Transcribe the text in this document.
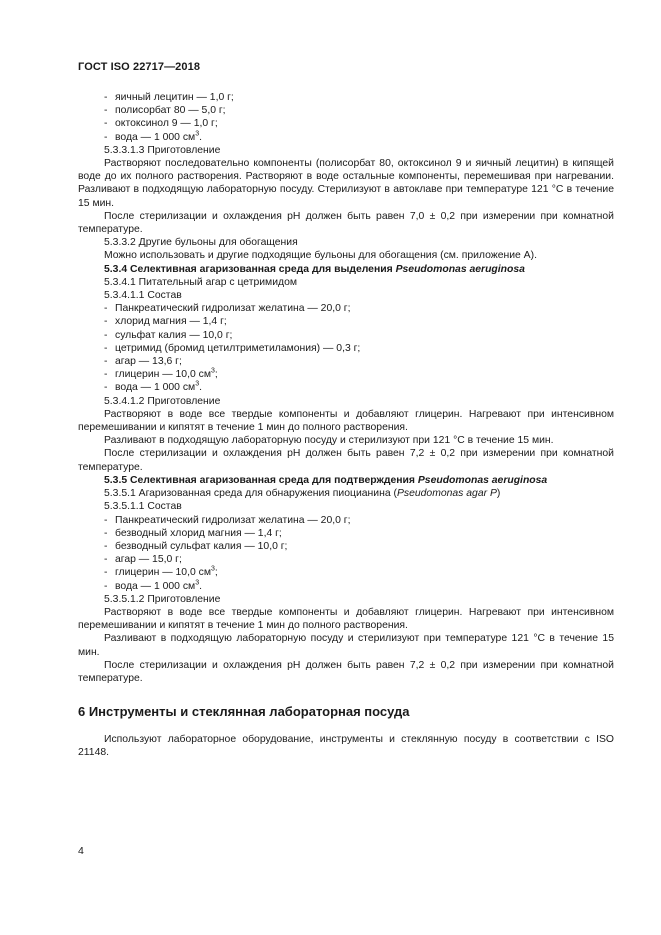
ГОСТ ISO 22717—2018
- яичный лецитин — 1,0 г;
- полисорбат 80 — 5,0 г;
- октоксинол 9 — 1,0 г;
- вода — 1 000 $см^3$.
5.3.3.1.3 Приготовление
Растворяют последовательно компоненты (полисорбат 80, октоксинол 9 и яичный лецитин) в кипящей воде до их полного растворения. Растворяют в воде остальные компоненты, перемешивая при нагревании. Разливают в подходящую лабораторную посуду. Стерилизуют в автоклаве при температуре 121 °С в течение 15 мин.
После стерилизации и охлаждения pH должен быть равен 7,0 ± 0,2 при измерении при комнатной температуре.
5.3.3.2 Другие бульоны для обогащения
Можно использовать и другие подходящие бульоны для обогащения (см. приложение А).
5.3.4 Селективная агаризованная среда для выделения Pseudomonas aeruginosa
5.3.4.1 Питательный агар с цетримидом
5.3.4.1.1 Состав
- Панкреатический гидролизат желатина — 20,0 г;
- хлорид магния — 1,4 г;
- сульфат калия — 10,0 г;
- цетримид (бромид цетилтриметиламония) — 0,3 г;
- агар — 13,6 г;
- глицерин — 10,0 $см^3$;
- вода — 1 000 $см^3$.
5.3.4.1.2 Приготовление
Растворяют в воде все твердые компоненты и добавляют глицерин. Нагревают при интенсивном перемешивании и кипятят в течение 1 мин до полного растворения.
Разливают в подходящую лабораторную посуду и стерилизуют при 121 °С в течение 15 мин.
После стерилизации и охлаждения pH должен быть равен 7,2 ± 0,2 при измерении при комнатной температуре.
5.3.5 Селективная агаризованная среда для подтверждения Pseudomonas aeruginosa
5.3.5.1 Агаризованная среда для обнаружения пиоцианина (Pseudomonas agar P)
5.3.5.1.1 Состав
- Панкреатический гидролизат желатина — 20,0 г;
- безводный хлорид магния — 1,4 г;
- безводный сульфат калия — 10,0 г;
- агар — 15,0 г;
- глицерин — 10,0 $см^3$;
- вода — 1 000 $см^3$.
5.3.5.1.2 Приготовление
Растворяют в воде все твердые компоненты и добавляют глицерин. Нагревают при интенсивном перемешивании и кипятят в течение 1 мин до полного растворения.
Разливают в подходящую лабораторную посуду и стерилизуют при температуре 121 °С в течение 15 мин.
После стерилизации и охлаждения pH должен быть равен 7,2 ± 0,2 при измерении при комнатной температуре.
6 Инструменты и стеклянная лабораторная посуда
Используют лабораторное оборудование, инструменты и стеклянную посуду в соответствии с ISO 21148.
4
